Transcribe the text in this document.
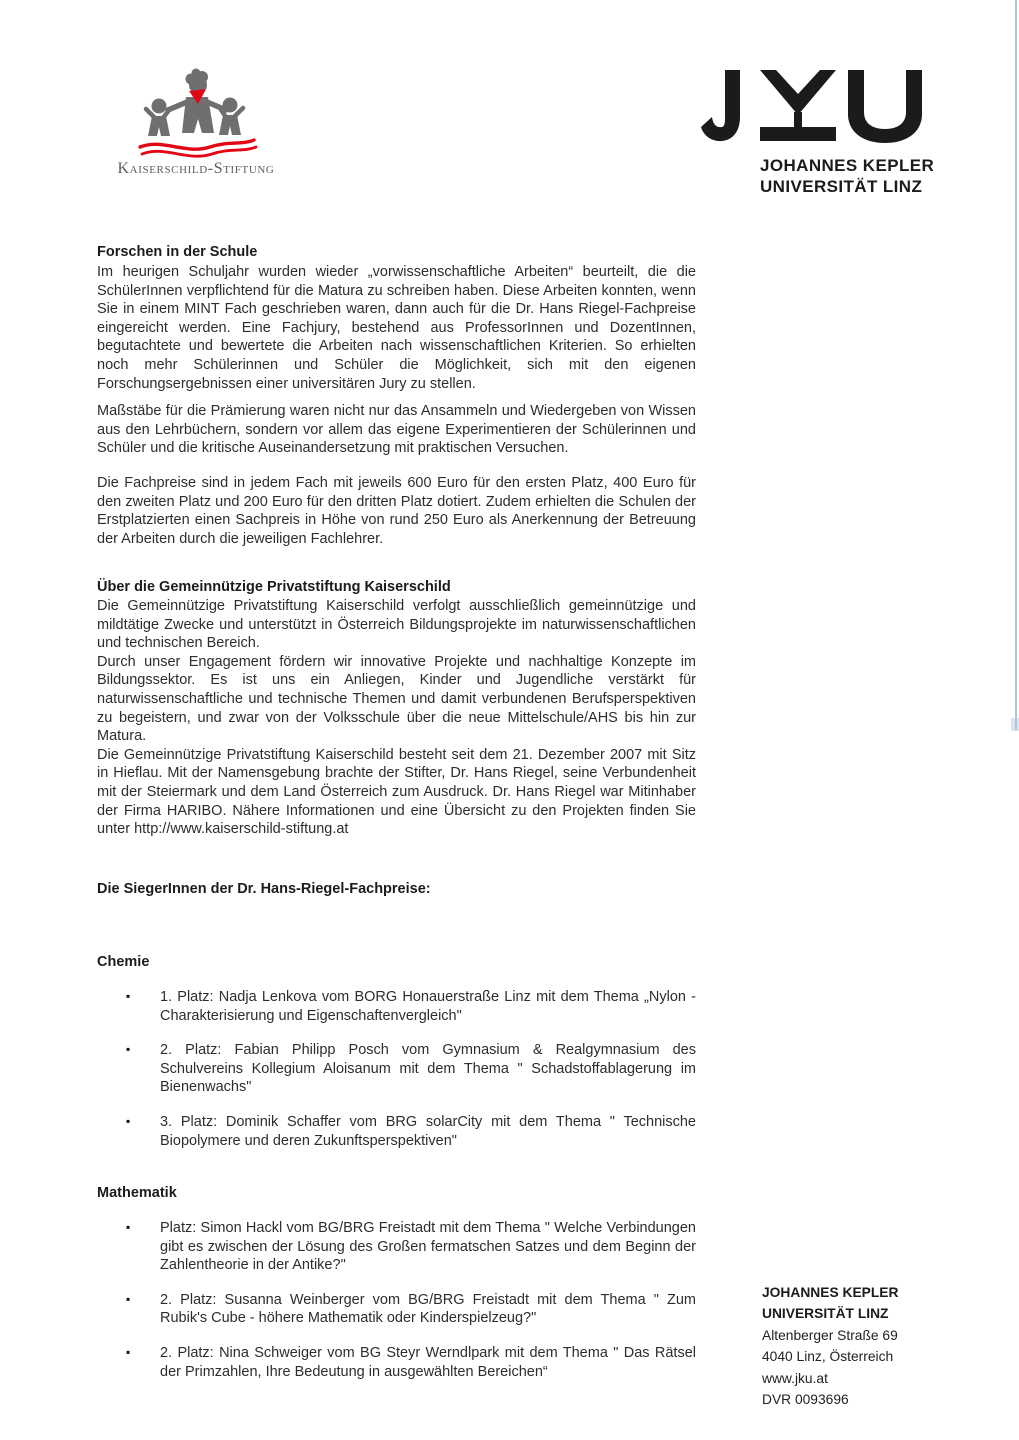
Kaiserschild-Stiftung	JOHANNES KEPLER
UNIVERSITÄT LINZ
Forschen in der Schule

Im heurigen Schuljahr wurden wieder „vorwissenschaftliche Arbeiten“ beurteilt, die die SchülerInnen verpflichtend für die Matura zu schreiben haben. Diese Arbeiten konnten, wenn Sie in einem MINT Fach geschrieben waren, dann auch für die Dr. Hans Riegel-Fachpreise eingereicht werden. Eine Fachjury, bestehend aus ProfessorInnen und DozentInnen, begutachtete und bewertete die Arbeiten nach wissenschaftlichen Kriterien. So erhielten noch mehr Schülerinnen und Schüler die Möglichkeit, sich mit den eigenen Forschungsergebnissen einer universitären Jury zu stellen.

Maßstäbe für die Prämierung waren nicht nur das Ansammeln und Wiedergeben von Wissen aus den Lehrbüchern, sondern vor allem das eigene Experimentieren der Schülerinnen und Schüler und die kritische Auseinandersetzung mit praktischen Versuchen.

Die Fachpreise sind in jedem Fach mit jeweils 600 Euro für den ersten Platz, 400 Euro für den zweiten Platz und 200 Euro für den dritten Platz dotiert. Zudem erhielten die Schulen der Erstplatzierten einen Sachpreis in Höhe von rund 250 Euro als Anerkennung der Betreuung der Arbeiten durch die jeweiligen Fachlehrer.

Über die Gemeinnützige Privatstiftung Kaiserschild

Die Gemeinnützige Privatstiftung Kaiserschild verfolgt ausschließlich gemeinnützige und mildtätige Zwecke und unterstützt in Österreich Bildungsprojekte im naturwissenschaftlichen und technischen Bereich.

Durch unser Engagement fördern wir innovative Projekte und nachhaltige Konzepte im Bildungssektor. Es ist uns ein Anliegen, Kinder und Jugendliche verstärkt für naturwissenschaftliche und technische Themen und damit verbundenen Berufsperspektiven zu begeistern, und zwar von der Volksschule über die neue Mittelschule/AHS bis hin zur Matura.

Die Gemeinnützige Privatstiftung Kaiserschild besteht seit dem 21. Dezember 2007 mit Sitz in Hieflau. Mit der Namensgebung brachte der Stifter, Dr. Hans Riegel, seine Verbundenheit mit der Steiermark und dem Land Österreich zum Ausdruck. Dr. Hans Riegel war Mitinhaber der Firma HARIBO. Nähere Informationen und eine Übersicht zu den Projekten finden Sie unter http://www.kaiserschild-stiftung.at

Die SiegerInnen der Dr. Hans-Riegel-Fachpreise:
Chemie
▪ 1. Platz: Nadja Lenkova vom BORG Honauerstraße Linz mit dem Thema „Nylon - Charakterisierung und Eigenschaftenvergleich"
▪ 2. Platz: Fabian Philipp Posch vom Gymnasium & Realgymnasium des Schulvereins Kollegium Aloisanum mit dem Thema " Schadstoffablagerung im Bienenwachs"
▪ 3. Platz: Dominik Schaffer vom BRG solarCity mit dem Thema " Technische Biopolymere und deren Zukunftsperspektiven"
Mathematik
▪ Platz: Simon Hackl vom BG/BRG Freistadt mit dem Thema " Welche Verbindungen gibt es zwischen der Lösung des Großen fermatschen Satzes und dem Beginn der Zahlentheorie in der Antike?"
▪ 2. Platz: Susanna Weinberger vom BG/BRG Freistadt mit dem Thema " Zum Rubik's Cube - höhere Mathematik oder Kinderspielzeug?"
▪ 2. Platz: Nina Schweiger vom BG Steyr Werndlpark mit dem Thema " Das Rätsel der Primzahlen, Ihre Bedeutung in ausgewählten Bereichen“
JOHANNES KEPLER
UNIVERSITÄT LINZ
Altenberger Straße 69
4040 Linz, Österreich
www.jku.at
DVR 0093696
